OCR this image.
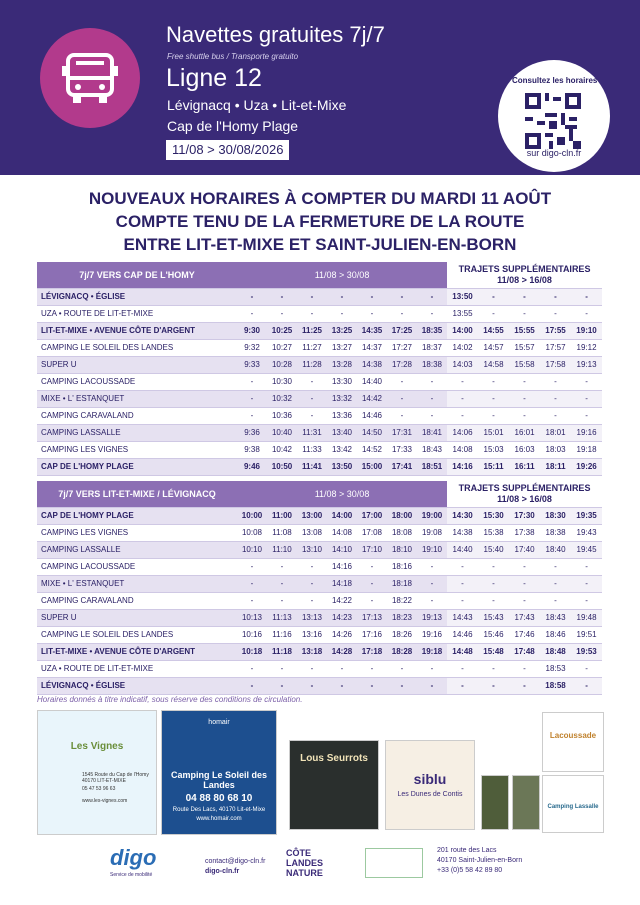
Navettes gratuites 7j/7
Free shuttle bus / Transporte gratuito
Ligne 12
Lévignacq • Uza • Lit-et-Mixe
Cap de l'Homy Plage
11/08 > 30/08/2026
Consultez les horaires
sur digo-cln.fr
NOUVEAUX HORAIRES À COMPTER DU MARDI 11 AOÛT
COMPTE TENU DE LA FERMETURE DE LA ROUTE
ENTRE LIT-ET-MIXE ET SAINT-JULIEN-EN-BORN
7j/7 VERS CAP DE L'HOMY	11/08 > 30/08							TRAJETS SUPPLÉMENTAIRES 11/08 > 16/08				
LÉVIGNACQ • ÉGLISE	-	-	-	-	-	-	-	13:50	-	-	-	-
UZA • ROUTE DE LIT-ET-MIXE	-	-	-	-	-	-	-	13:55	-	-	-	-
LIT-ET-MIXE • AVENUE CÔTE D'ARGENT	9:30	10:25	11:25	13:25	14:35	17:25	18:35	14:00	14:55	15:55	17:55	19:10
CAMPING LE SOLEIL DES LANDES	9:32	10:27	11:27	13:27	14:37	17:27	18:37	14:02	14:57	15:57	17:57	19:12
SUPER U	9:33	10:28	11:28	13:28	14:38	17:28	18:38	14:03	14:58	15:58	17:58	19:13
CAMPING LACOUSSADE	-	10:30	-	13:30	14:40	-	-	-	-	-	-	-
MIXE • L' ESTANQUET	-	10:32	-	13:32	14:42	-	-	-	-	-	-	-
CAMPING CARAVALAND	-	10:36	-	13:36	14:46	-	-	-	-	-	-	-
CAMPING LASSALLE	9:36	10:40	11:31	13:40	14:50	17:31	18:41	14:06	15:01	16:01	18:01	19:16
CAMPING LES VIGNES	9:38	10:42	11:33	13:42	14:52	17:33	18:43	14:08	15:03	16:03	18:03	19:18
CAP DE L'HOMY PLAGE	9:46	10:50	11:41	13:50	15:00	17:41	18:51	14:16	15:11	16:11	18:11	19:26
7j/7 VERS LIT-ET-MIXE / LÉVIGNACQ	11/08 > 30/08							TRAJETS SUPPLÉMENTAIRES 11/08 > 16/08				
CAP DE L'HOMY PLAGE	10:00	11:00	13:00	14:00	17:00	18:00	19:00	14:30	15:30	17:30	18:30	19:35
CAMPING LES VIGNES	10:08	11:08	13:08	14:08	17:08	18:08	19:08	14:38	15:38	17:38	18:38	19:43
CAMPING LASSALLE	10:10	11:10	13:10	14:10	17:10	18:10	19:10	14:40	15:40	17:40	18:40	19:45
CAMPING LACOUSSADE	-	-	-	14:16	-	18:16	-	-	-	-	-	-
MIXE • L' ESTANQUET	-	-	-	14:18	-	18:18	-	-	-	-	-	-
CAMPING CARAVALAND	-	-	-	14:22	-	18:22	-	-	-	-	-	-
SUPER U	10:13	11:13	13:13	14:23	17:13	18:23	19:13	14:43	15:43	17:43	18:43	19:48
CAMPING LE SOLEIL DES LANDES	10:16	11:16	13:16	14:26	17:16	18:26	19:16	14:46	15:46	17:46	18:46	19:51
LIT-ET-MIXE • AVENUE CÔTE D'ARGENT	10:18	11:18	13:18	14:28	17:18	18:28	19:18	14:48	15:48	17:48	18:48	19:53
UZA • ROUTE DE LIT-ET-MIXE	-	-	-	-	-	-	-	-	-	-	18:53	-
LÉVIGNACQ • ÉGLISE	-	-	-	-	-	-	-	-	-	-	18:58	-
Horaires donnés à titre indicatif, sous réserve des conditions de circulation.
Les Vignes
1545 Route du Cap de l'Homy 40170 LIT-ET-MIXE
05 47 53 96 63
www.les-vignes.com
homair
Camping Le Soleil des Landes
04 88 80 68 10
Route Des Lacs, 40170 Lit-et-Mixe
www.homair.com
Lous Seurrots
siblu
Les Dunes de Contis
Lacoussade
Camping Lassalle
digo
Service de mobilité
contact@digo-cln.fr
digo-cln.fr
CÔTE LANDES NATURE
201 route des Lacs
40170 Saint-Julien-en-Born
+33 (0)5 58 42 89 80
